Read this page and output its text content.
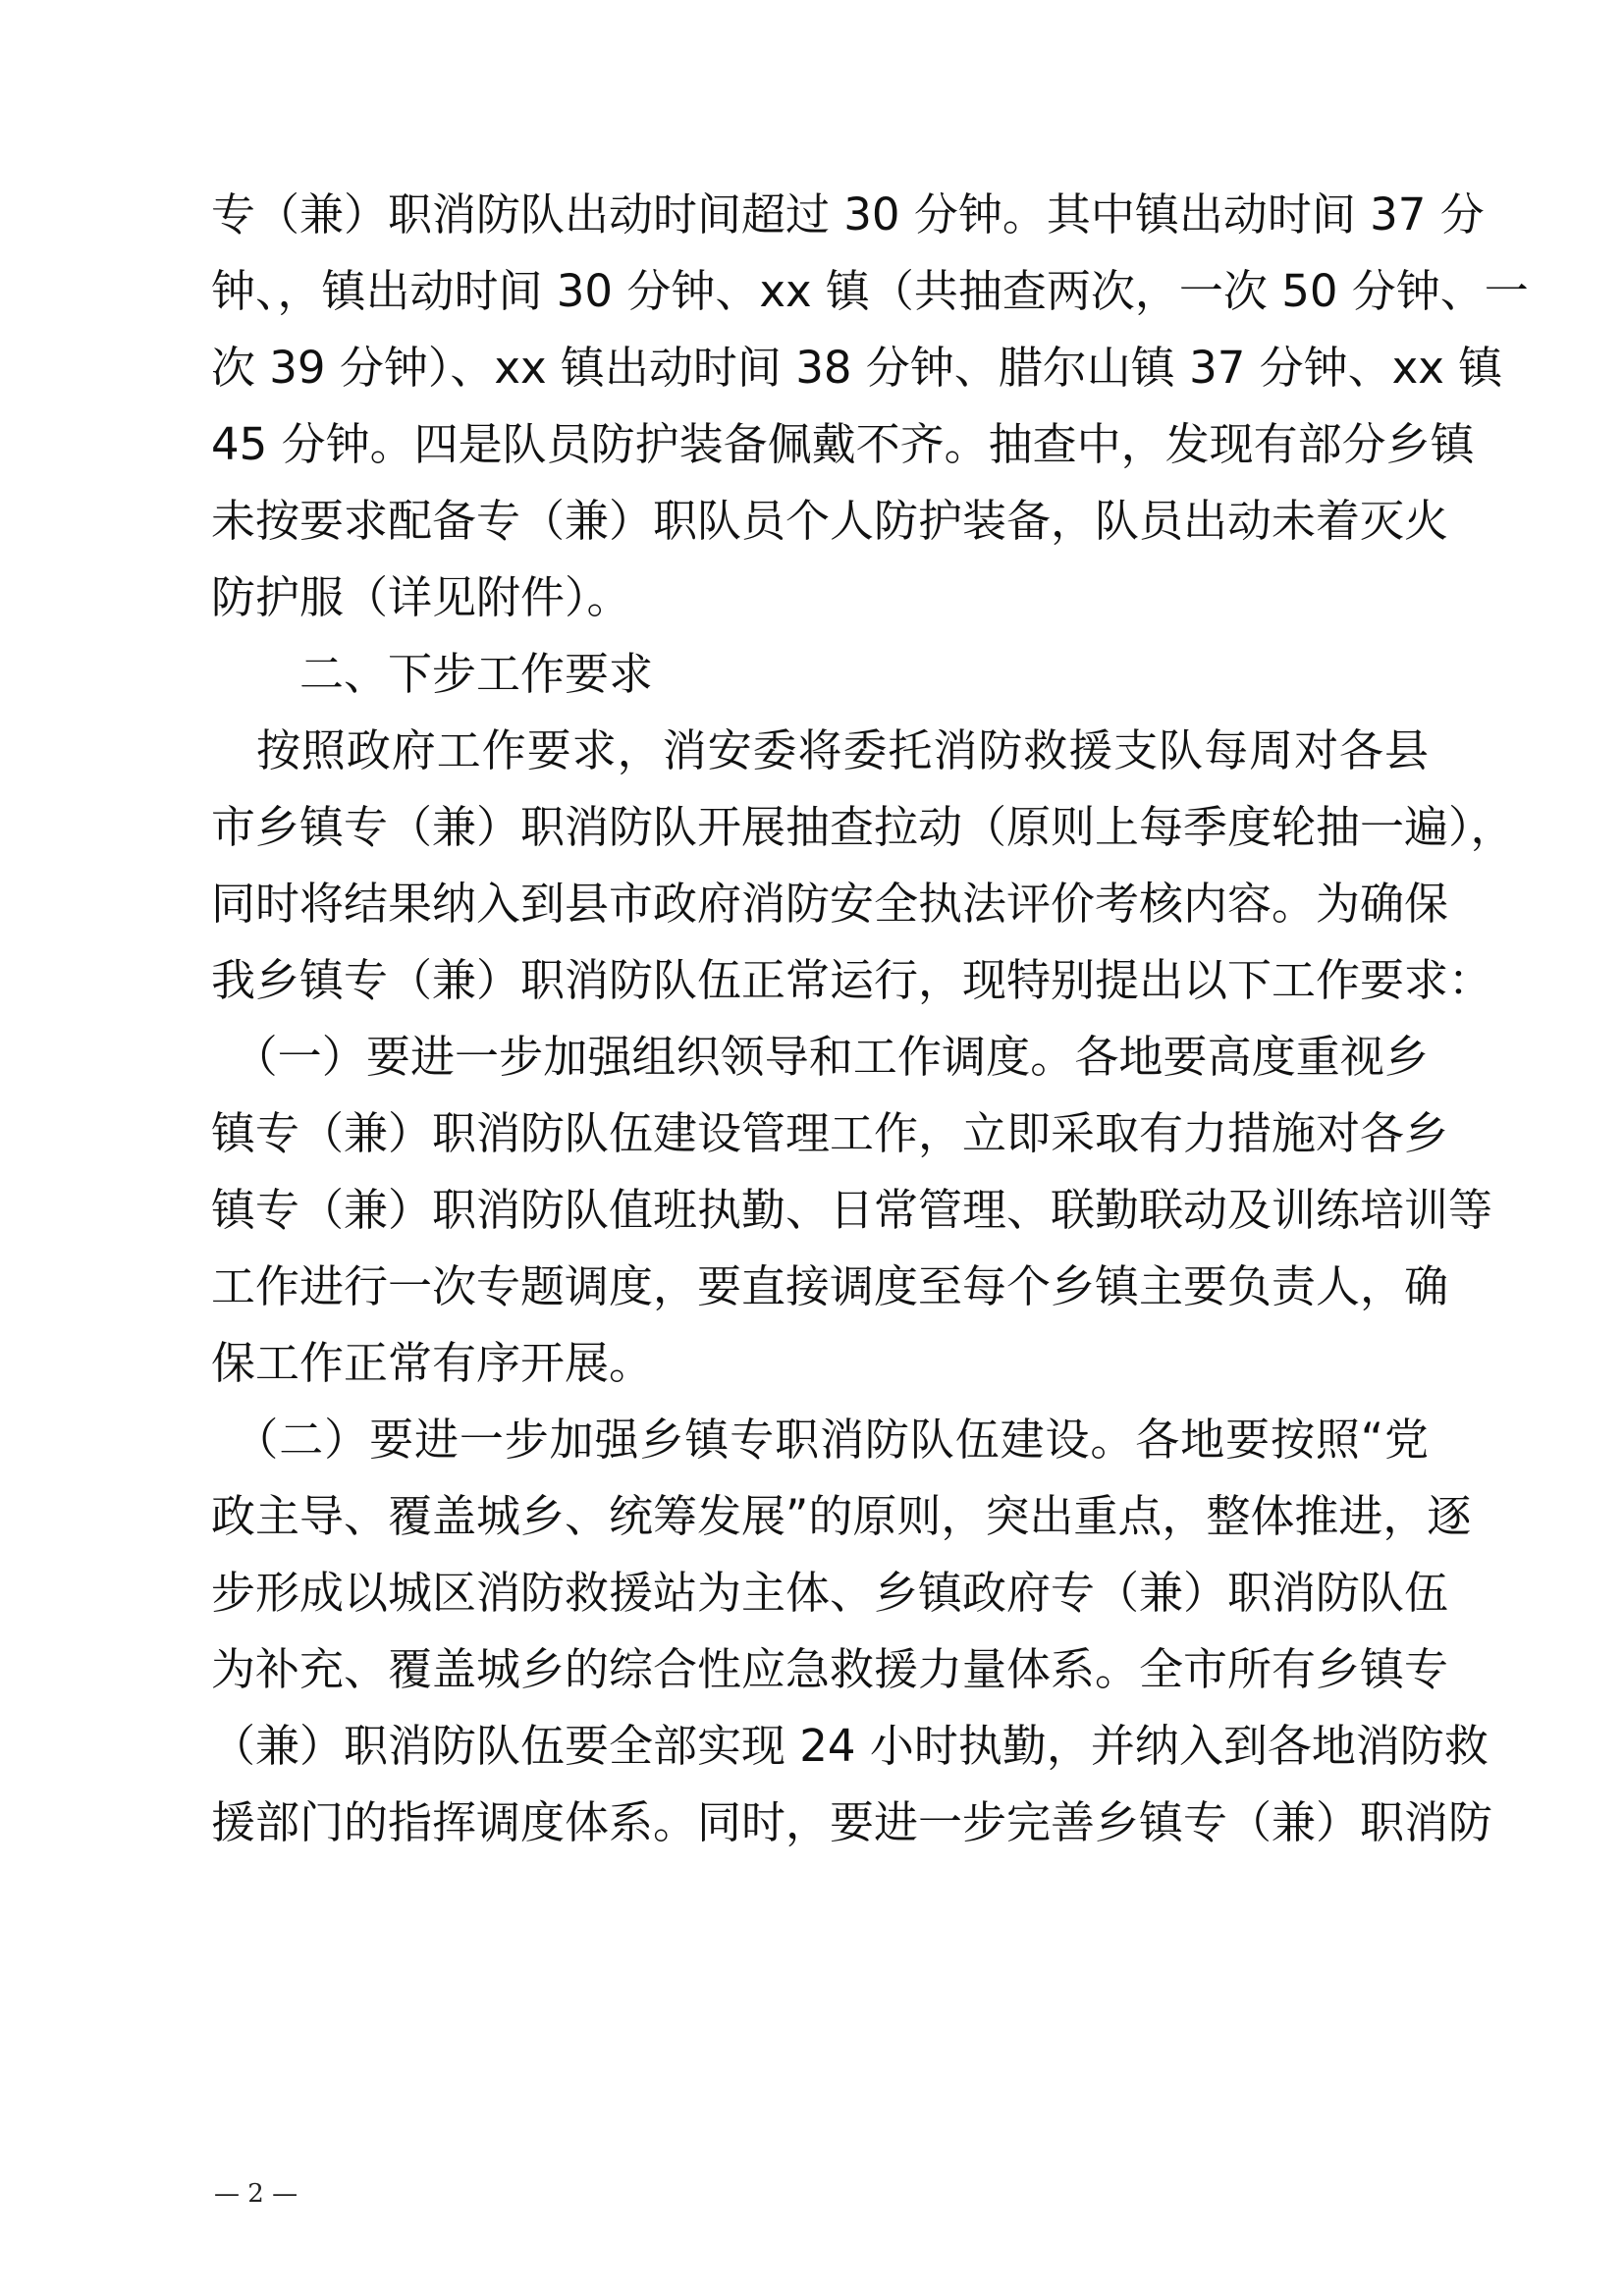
专（兼）职消防队出动时间超过 30 分钟。其中镇出动时间 37 分
钟、，镇出动时间 30 分钟、xx 镇（共抽查两次，一次 50 分钟、一
次 39 分钟）、xx 镇出动时间 38 分钟、腊尔山镇 37 分钟、xx 镇
45 分钟。四是队员防护装备佩戴不齐。抽查中，发现有部分乡镇
未按要求配备专（兼）职队员个人防护装备，队员出动未着灭火
防护服（详见附件）。
二、下步工作要求
　按照政府工作要求，消安委将委托消防救援支队每周对各县
市乡镇专（兼）职消防队开展抽查拉动（原则上每季度轮抽一遍），
同时将结果纳入到县市政府消防安全执法评价考核内容。为确保
我乡镇专（兼）职消防队伍正常运行，现特别提出以下工作要求：
　（一）要进一步加强组织领导和工作调度。各地要高度重视乡
镇专（兼）职消防队伍建设管理工作，立即采取有力措施对各乡
镇专（兼）职消防队值班执勤、日常管理、联勤联动及训练培训等
工作进行一次专题调度，要直接调度至每个乡镇主要负责人，确
保工作正常有序开展。
　（二）要进一步加强乡镇专职消防队伍建设。各地要按照“党
政主导、覆盖城乡、统筹发展”的原则，突出重点，整体推进，逐
步形成以城区消防救援站为主体、乡镇政府专（兼）职消防队伍
为补充、覆盖城乡的综合性应急救援力量体系。全市所有乡镇专
（兼）职消防队伍要全部实现 24 小时执勤，并纳入到各地消防救
援部门的指挥调度体系。同时，要进一步完善乡镇专（兼）职消防
— 2 —
